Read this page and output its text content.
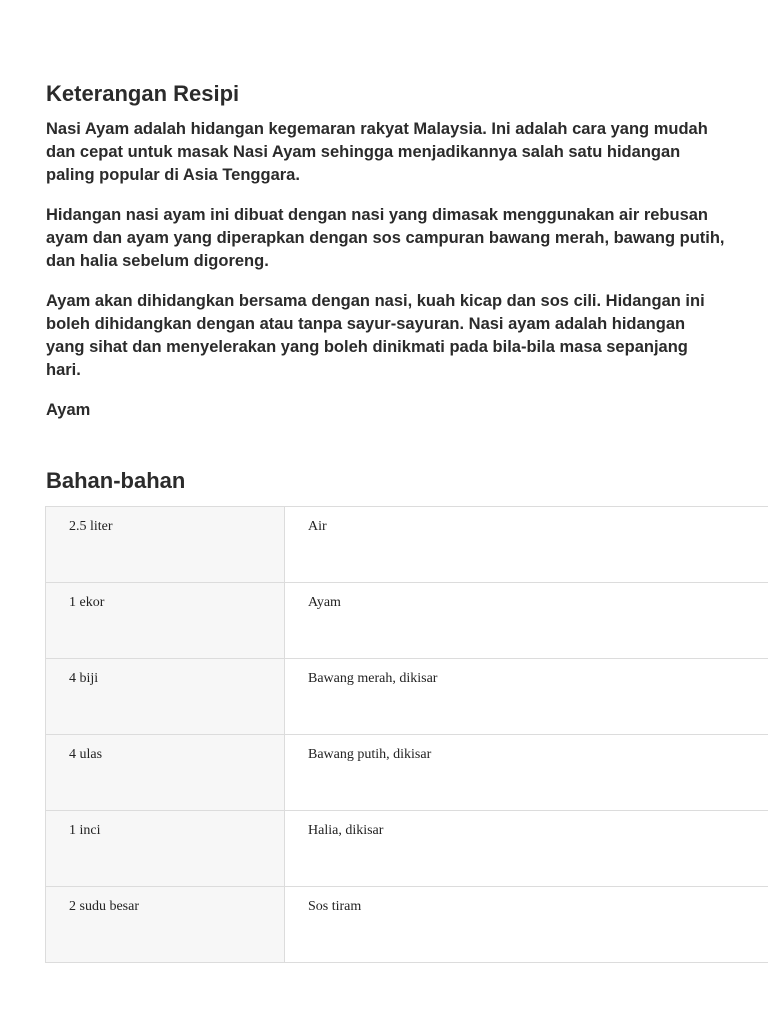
Keterangan Resipi

Nasi Ayam adalah hidangan kegemaran rakyat Malaysia. Ini adalah cara yang mudah dan cepat untuk masak Nasi Ayam sehingga menjadikannya salah satu hidangan paling popular di Asia Tenggara.

Hidangan nasi ayam ini dibuat dengan nasi yang dimasak menggunakan air rebusan ayam dan ayam yang diperapkan dengan sos campuran bawang merah, bawang putih, dan halia sebelum digoreng.

Ayam akan dihidangkan bersama dengan nasi, kuah kicap dan sos cili. Hidangan ini boleh dihidangkan dengan atau tanpa sayur-sayuran. Nasi ayam adalah hidangan yang sihat dan menyelerakan yang boleh dinikmati pada bila-bila masa sepanjang hari.

Ayam

Bahan-bahan
2.5 liter	Air
1 ekor	Ayam
4 biji	Bawang merah, dikisar
4 ulas	Bawang putih, dikisar
1 inci	Halia, dikisar
2 sudu besar	Sos tiram
